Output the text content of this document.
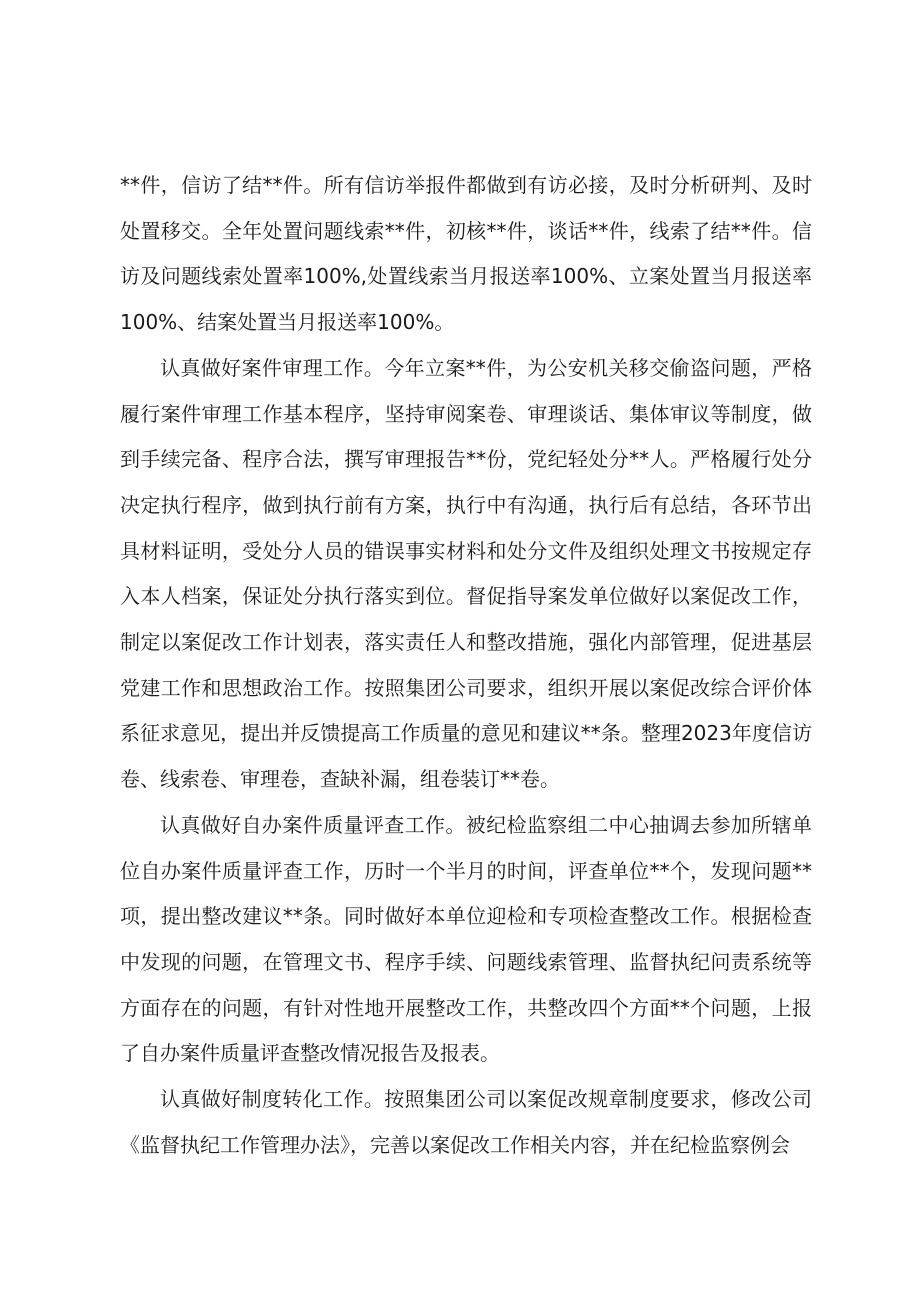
**件，信访了结**件。所有信访举报件都做到有访必接，及时分析研判、及时处置移交。全年处置问题线索**件，初核**件，谈话**件，线索了结**件。信访及问题线索处置率100%,处置线索当月报送率100%、立案处置当月报送率100%、结案处置当月报送率100%。

认真做好案件审理工作。今年立案**件，为公安机关移交偷盗问题，严格履行案件审理工作基本程序，坚持审阅案卷、审理谈话、集体审议等制度，做到手续完备、程序合法，撰写审理报告**份，党纪轻处分**人。严格履行处分决定执行程序，做到执行前有方案，执行中有沟通，执行后有总结，各环节出具材料证明，受处分人员的错误事实材料和处分文件及组织处理文书按规定存入本人档案，保证处分执行落实到位。督促指导案发单位做好以案促改工作，制定以案促改工作计划表，落实责任人和整改措施，强化内部管理，促进基层党建工作和思想政治工作。按照集团公司要求，组织开展以案促改综合评价体系征求意见，提出并反馈提高工作质量的意见和建议**条。整理2023年度信访卷、线索卷、审理卷，查缺补漏，组卷装订**卷。

认真做好自办案件质量评查工作。被纪检监察组二中心抽调去参加所辖单位自办案件质量评查工作，历时一个半月的时间，评查单位**个，发现问题**项，提出整改建议**条。同时做好本单位迎检和专项检查整改工作。根据检查中发现的问题，在管理文书、程序手续、问题线索管理、监督执纪问责系统等方面存在的问题，有针对性地开展整改工作，共整改四个方面**个问题，上报了自办案件质量评查整改情况报告及报表。

认真做好制度转化工作。按照集团公司以案促改规章制度要求，修改公司《监督执纪工作管理办法》，完善以案促改工作相关内容，并在纪检监察例会
